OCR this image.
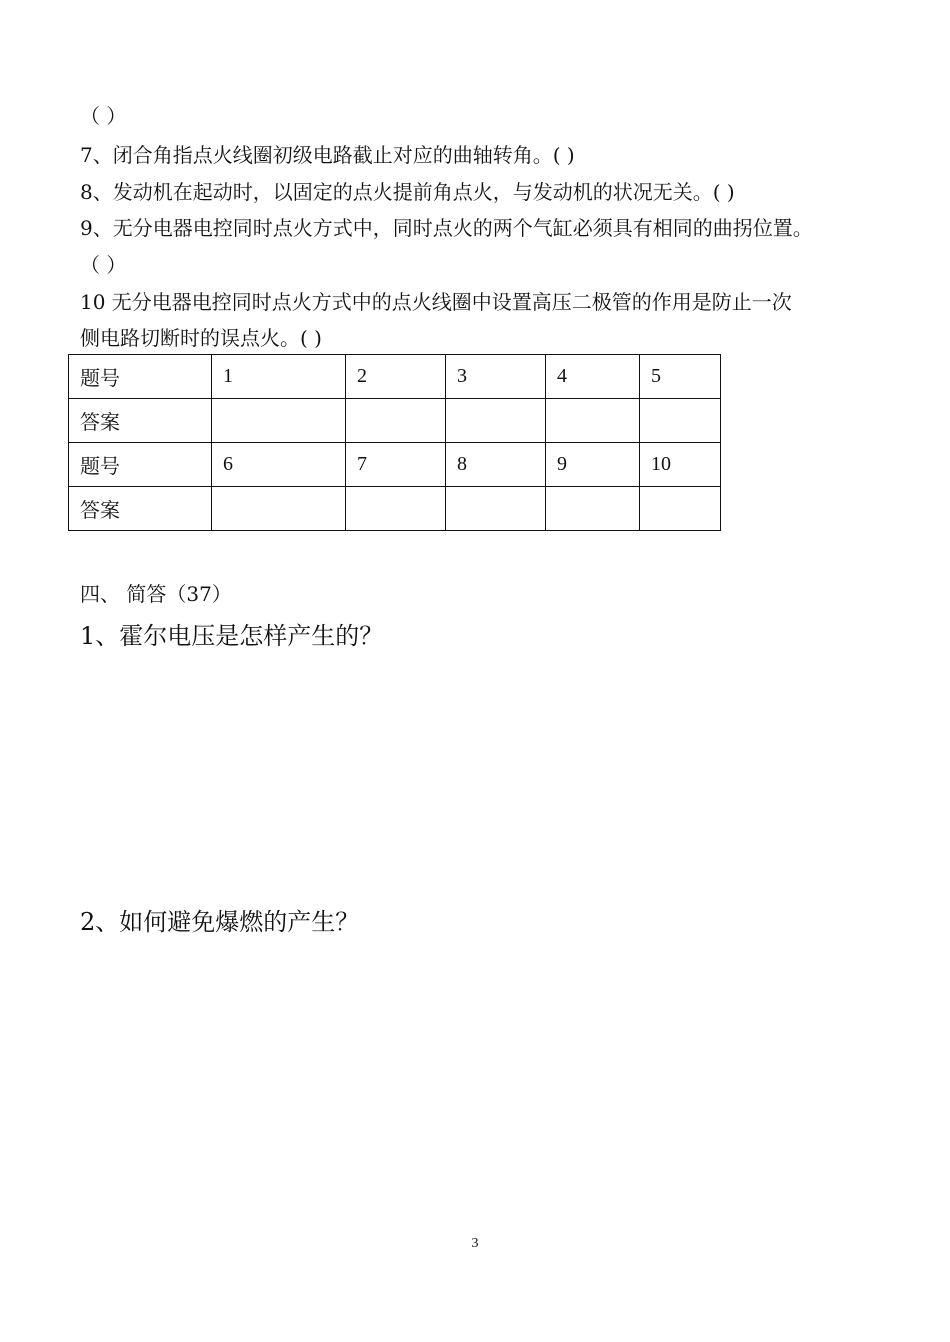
（ ）
7、闭合角指点火线圈初级电路截止对应的曲轴转角。( )
8、发动机在起动时，以固定的点火提前角点火，与发动机的状况无关。( )
9、无分电器电控同时点火方式中，同时点火的两个气缸必须具有相同的曲拐位置。
（ ）
10 无分电器电控同时点火方式中的点火线圈中设置高压二极管的作用是防止一次
侧电路切断时的误点火。( )
题号	1	2	3	4	5
答案					
题号	6	7	8	9	10
答案					
四、 简答（37）
1、霍尔电压是怎样产生的？
2、如何避免爆燃的产生？
3
